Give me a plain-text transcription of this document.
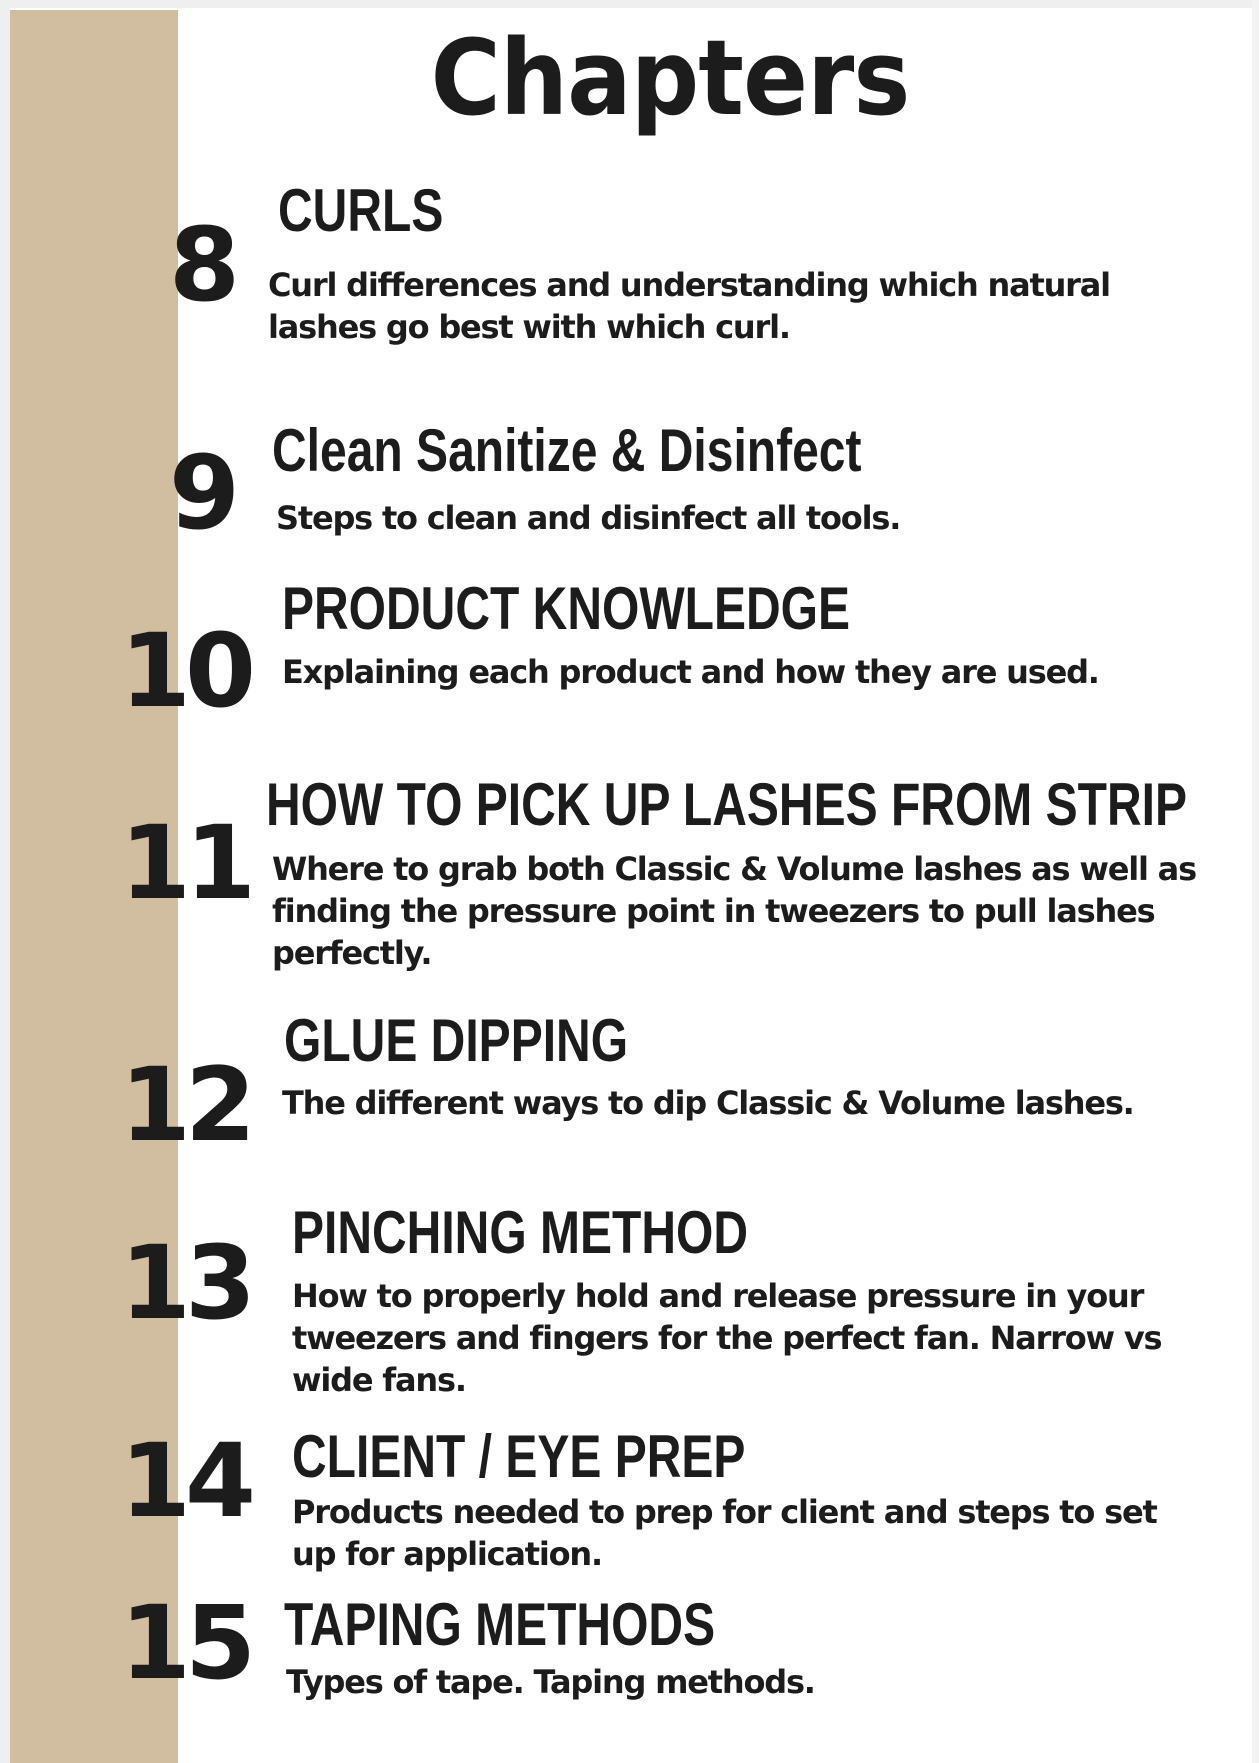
Chapters
8 CURLS
Curl differences and understanding which natural lashes go best with which curl.
9 Clean Sanitize & Disinfect
Steps to clean and disinfect all tools.
10
PRODUCT KNOWLEDGE
Explaining each product and how they are used.
11 HOW TO PICK UP LASHES FROM STRIP
Where to grab both Classic & Volume lashes as well as finding the pressure point in tweezers to pull lashes perfectly.
12
GLUE DIPPING
The different ways to dip Classic & Volume lashes.
13 PINCHING METHOD
How to properly hold and release pressure in your tweezers and fingers for the perfect fan. Narrow vs wide fans.
14 CLIENT / EYE PREP
Products needed to prep for client and steps to set up for application.
15 TAPING METHODS
Types of tape. Taping methods.
